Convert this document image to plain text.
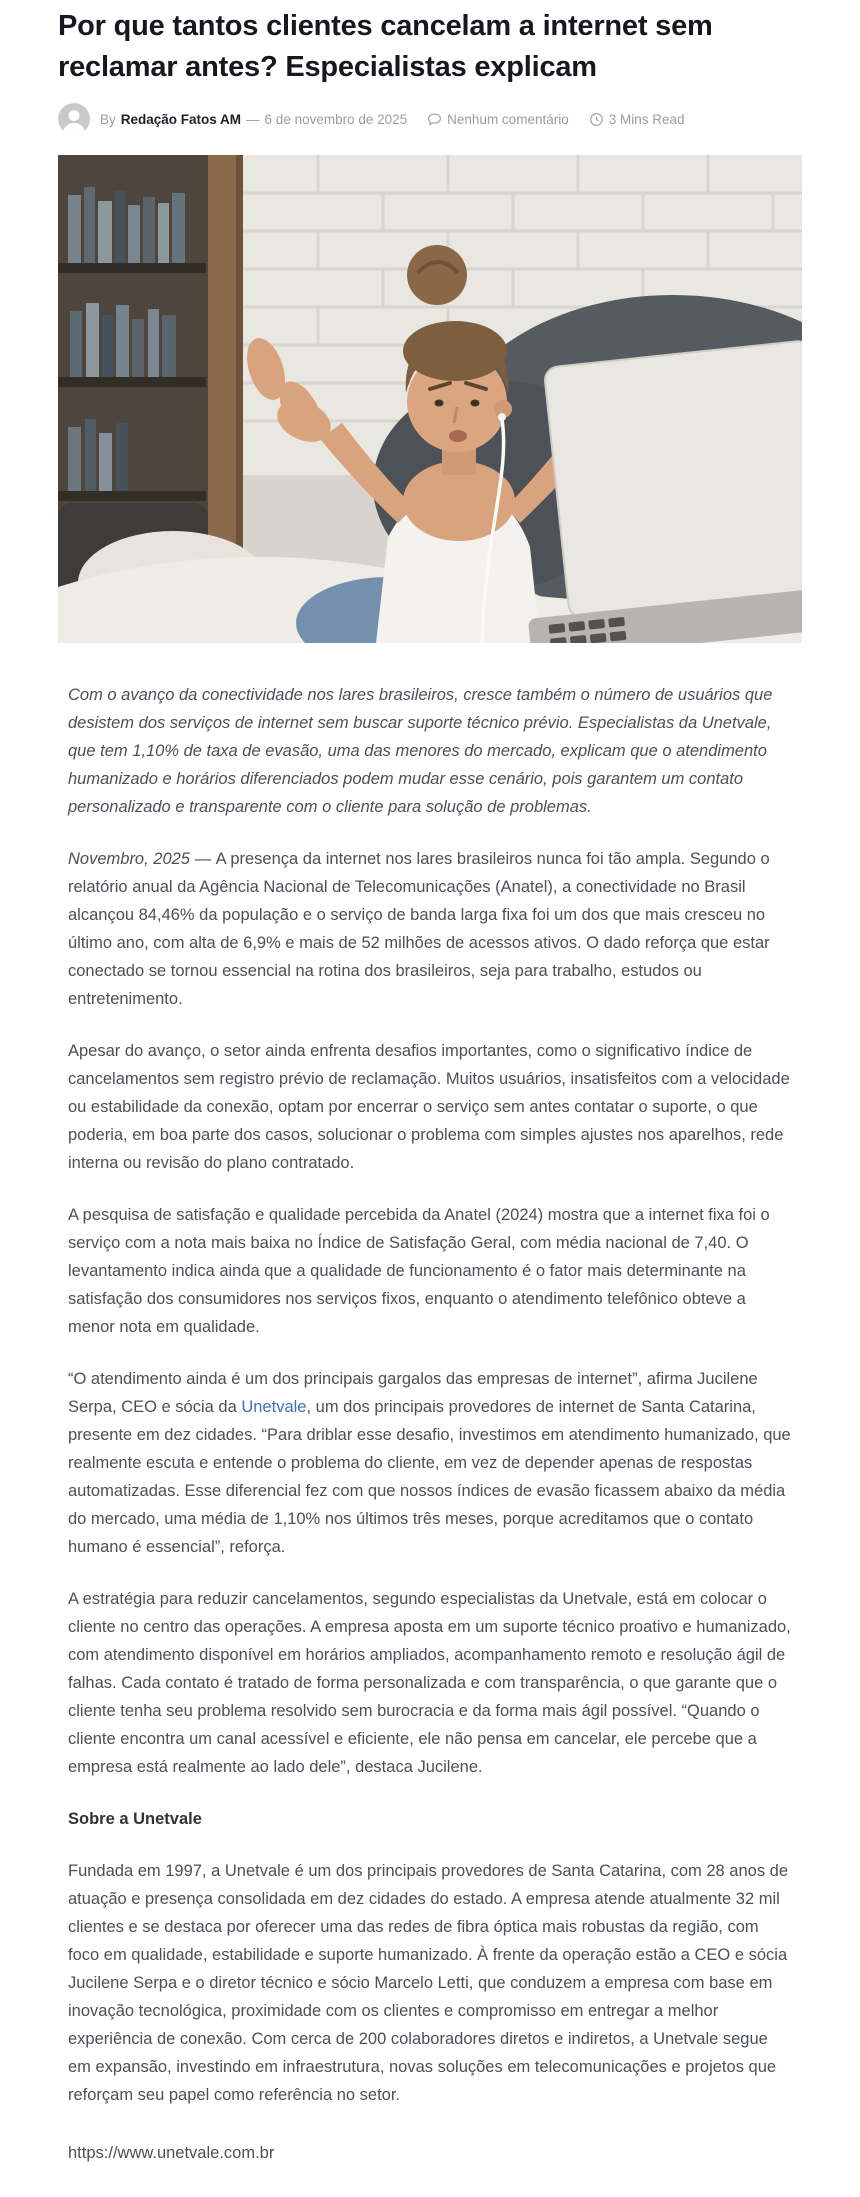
Por que tantos clientes cancelam a internet sem reclamar antes? Especialistas explicam
By Redação Fatos AM — 6 de novembro de 2025	Nenhum comentário	3 Mins Read

Com o avanço da conectividade nos lares brasileiros, cresce também o número de usuários que desistem dos serviços de internet sem buscar suporte técnico prévio. Especialistas da Unetvale, que tem 1,10% de taxa de evasão, uma das menores do mercado, explicam que o atendimento humanizado e horários diferenciados podem mudar esse cenário, pois garantem um contato personalizado e transparente com o cliente para solução de problemas.

Novembro, 2025 — A presença da internet nos lares brasileiros nunca foi tão ampla. Segundo o relatório anual da Agência Nacional de Telecomunicações (Anatel), a conectividade no Brasil alcançou 84,46% da população e o serviço de banda larga fixa foi um dos que mais cresceu no último ano, com alta de 6,9% e mais de 52 milhões de acessos ativos. O dado reforça que estar conectado se tornou essencial na rotina dos brasileiros, seja para trabalho, estudos ou entretenimento.

Apesar do avanço, o setor ainda enfrenta desafios importantes, como o significativo índice de cancelamentos sem registro prévio de reclamação. Muitos usuários, insatisfeitos com a velocidade ou estabilidade da conexão, optam por encerrar o serviço sem antes contatar o suporte, o que poderia, em boa parte dos casos, solucionar o problema com simples ajustes nos aparelhos, rede interna ou revisão do plano contratado.

A pesquisa de satisfação e qualidade percebida da Anatel (2024) mostra que a internet fixa foi o serviço com a nota mais baixa no Índice de Satisfação Geral, com média nacional de 7,40. O levantamento indica ainda que a qualidade de funcionamento é o fator mais determinante na satisfação dos consumidores nos serviços fixos, enquanto o atendimento telefônico obteve a menor nota em qualidade.

“O atendimento ainda é um dos principais gargalos das empresas de internet”, afirma Jucilene Serpa, CEO e sócia da Unetvale, um dos principais provedores de internet de Santa Catarina, presente em dez cidades. “Para driblar esse desafio, investimos em atendimento humanizado, que realmente escuta e entende o problema do cliente, em vez de depender apenas de respostas automatizadas. Esse diferencial fez com que nossos índices de evasão ficassem abaixo da média do mercado, uma média de 1,10% nos últimos três meses, porque acreditamos que o contato humano é essencial”, reforça.

A estratégia para reduzir cancelamentos, segundo especialistas da Unetvale, está em colocar o cliente no centro das operações. A empresa aposta em um suporte técnico proativo e humanizado, com atendimento disponível em horários ampliados, acompanhamento remoto e resolução ágil de falhas. Cada contato é tratado de forma personalizada e com transparência, o que garante que o cliente tenha seu problema resolvido sem burocracia e da forma mais ágil possível. “Quando o cliente encontra um canal acessível e eficiente, ele não pensa em cancelar, ele percebe que a empresa está realmente ao lado dele”, destaca Jucilene.

Sobre a Unetvale

Fundada em 1997, a Unetvale é um dos principais provedores de Santa Catarina, com 28 anos de atuação e presença consolidada em dez cidades do estado. A empresa atende atualmente 32 mil clientes e se destaca por oferecer uma das redes de fibra óptica mais robustas da região, com foco em qualidade, estabilidade e suporte humanizado. À frente da operação estão a CEO e sócia Jucilene Serpa e o diretor técnico e sócio Marcelo Letti, que conduzem a empresa com base em inovação tecnológica, proximidade com os clientes e compromisso em entregar a melhor experiência de conexão. Com cerca de 200 colaboradores diretos e indiretos, a Unetvale segue em expansão, investindo em infraestrutura, novas soluções em telecomunicações e projetos que reforçam seu papel como referência no setor.

https://www.unetvale.com.br
